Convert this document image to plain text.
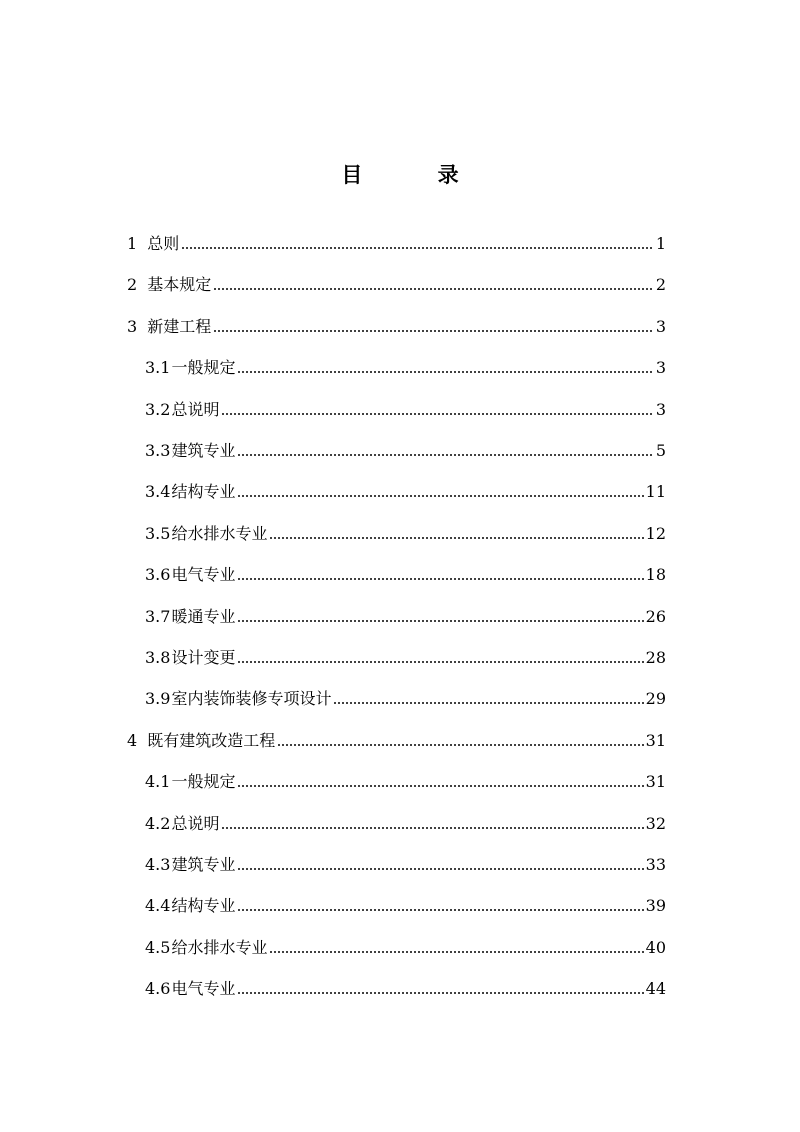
目 录
1 总则	1
2 基本规定	2
3 新建工程	3
3.1一般规定	3
3.2总说明	3
3.3建筑专业	5
3.4结构专业	11
3.5给水排水专业	12
3.6电气专业	18
3.7暖通专业	26
3.8设计变更	28
3.9室内装饰装修专项设计	29
4 既有建筑改造工程	31
4.1一般规定	31
4.2总说明	32
4.3建筑专业	33
4.4结构专业	39
4.5给水排水专业	40
4.6电气专业	44
